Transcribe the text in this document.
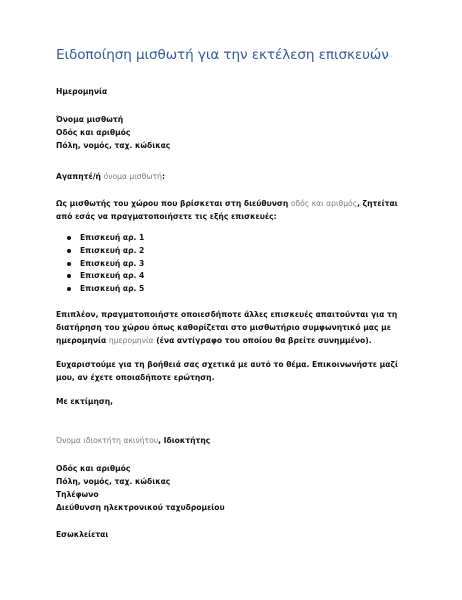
Ειδοποίηση μισθωτή για την εκτέλεση επισκευών

Ημερομηνία

Όνομα μισθωτή

Οδός και αριθμός

Πόλη, νομός, ταχ. κώδικας

Αγαπητέ/ή όνομα μισθωτή:

Ως μισθωτής του χώρου που βρίσκεται στη διεύθυνση οδός και αριθμός, ζητείται από εσάς να πραγματοποιήσετε τις εξής επισκευές:

Επισκευή αρ. 1
Επισκευή αρ. 2
Επισκευή αρ. 3
Επισκευή αρ. 4
Επισκευή αρ. 5

Επιπλέον, πραγματοποιήστε οποιεσδήποτε άλλες επισκευές απαιτούνται για τη διατήρηση του χώρου όπως καθορίζεται στο μισθωτήριο συμφωνητικό μας με ημερομηνία ημερομηνία (ένα αντίγραφο του οποίου θα βρείτε συνημμένο).

Ευχαριστούμε για τη βοήθειά σας σχετικά με αυτό το θέμα. Επικοινωνήστε μαζί μου, αν έχετε οποιαδήποτε ερώτηση.

Με εκτίμηση,

Όνομα ιδιοκτήτη ακινήτου, Ιδιοκτήτης

Οδός και αριθμός

Πόλη, νομός, ταχ. κώδικας

Τηλέφωνο

Διεύθυνση ηλεκτρονικού ταχυδρομείου

Εσωκλείεται
